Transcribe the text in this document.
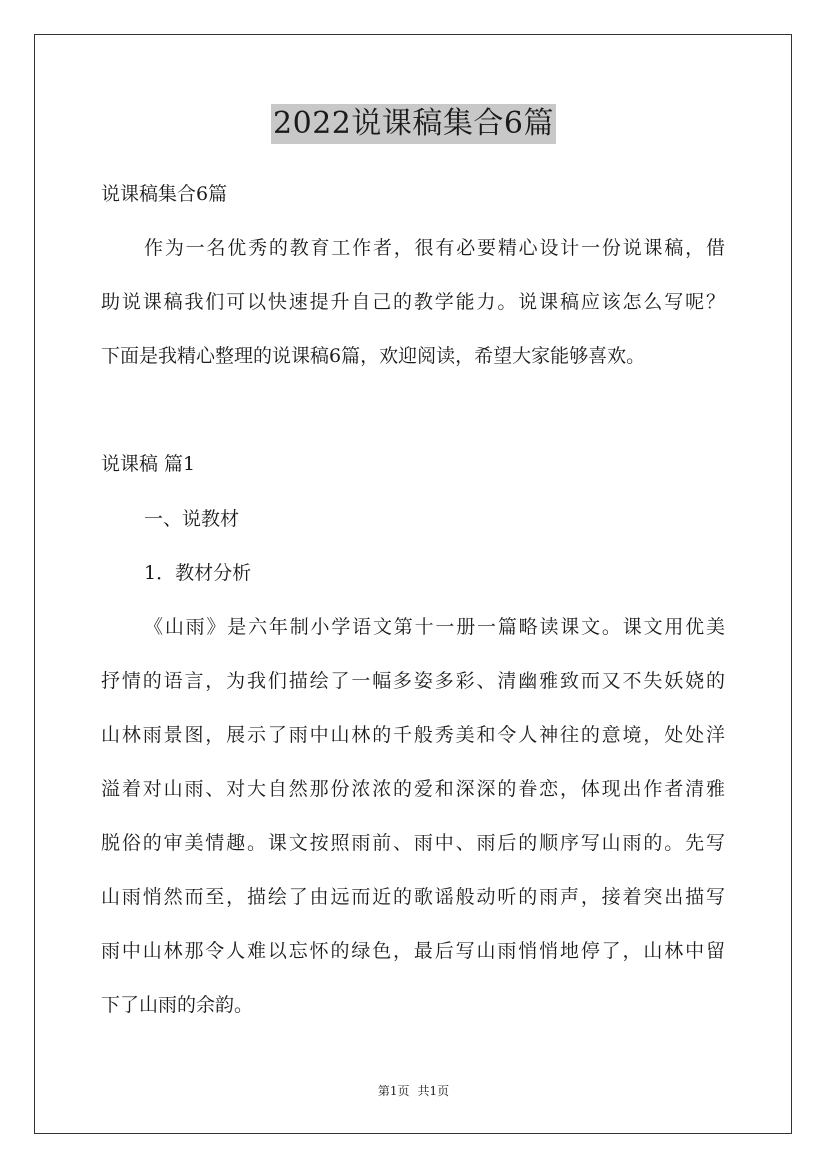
2022说课稿集合6篇
说课稿集合6篇
作为一名优秀的教育工作者，很有必要精心设计一份说课稿，借
助说课稿我们可以快速提升自己的教学能力。说课稿应该怎么写呢？
下面是我精心整理的说课稿6篇，欢迎阅读，希望大家能够喜欢。
说课稿 篇1
一、说教材
1．教材分析
《山雨》是六年制小学语文第十一册一篇略读课文。课文用优美
抒情的语言，为我们描绘了一幅多姿多彩、清幽雅致而又不失妖娆的
山林雨景图，展示了雨中山林的千般秀美和令人神往的意境，处处洋
溢着对山雨、对大自然那份浓浓的爱和深深的眷恋，体现出作者清雅
脱俗的审美情趣。课文按照雨前、雨中、雨后的顺序写山雨的。先写
山雨悄然而至，描绘了由远而近的歌谣般动听的雨声，接着突出描写
雨中山林那令人难以忘怀的绿色，最后写山雨悄悄地停了，山林中留
下了山雨的余韵。
第1页 共1页
